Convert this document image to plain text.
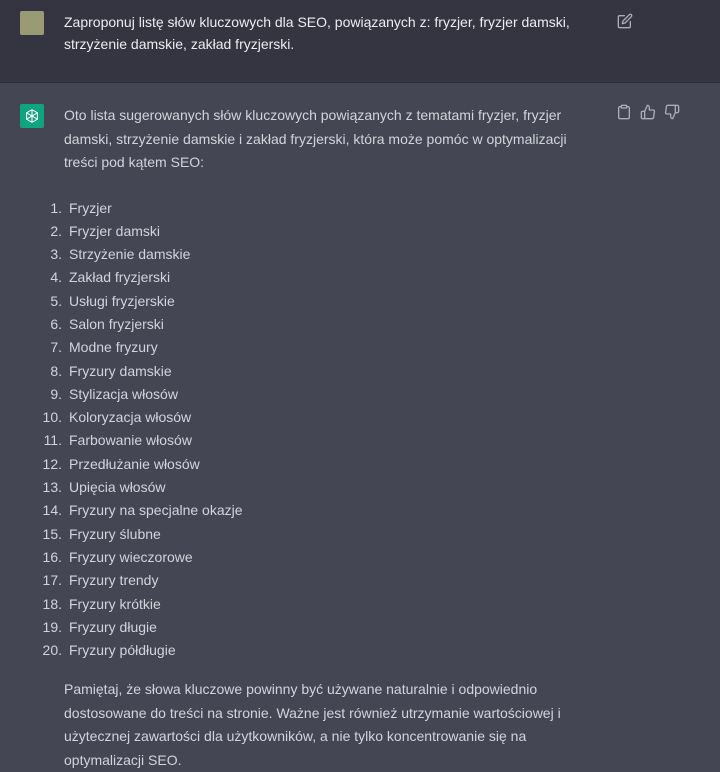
Zaproponuj listę słów kluczowych dla SEO, powiązanych z: fryzjer, fryzjer damski, strzyżenie damskie, zakład fryzjerski.

Oto lista sugerowanych słów kluczowych powiązanych z tematami fryzjer, fryzjer damski, strzyżenie damskie i zakład fryzjerski, która może pomóc w optymalizacji treści pod kątem SEO:

1. Fryzjer
2. Fryzjer damski
3. Strzyżenie damskie
4. Zakład fryzjerski
5. Usługi fryzjerskie
6. Salon fryzjerski
7. Modne fryzury
8. Fryzury damskie
9. Stylizacja włosów
10. Koloryzacja włosów
11. Farbowanie włosów
12. Przedłużanie włosów
13. Upięcia włosów
14. Fryzury na specjalne okazje
15. Fryzury ślubne
16. Fryzury wieczorowe
17. Fryzury trendy
18. Fryzury krótkie
19. Fryzury długie
20. Fryzury półdługie

Pamiętaj, że słowa kluczowe powinny być używane naturalnie i odpowiednio dostosowane do treści na stronie. Ważne jest również utrzymanie wartościowej i użytecznej zawartości dla użytkowników, a nie tylko koncentrowanie się na optymalizacji SEO.
